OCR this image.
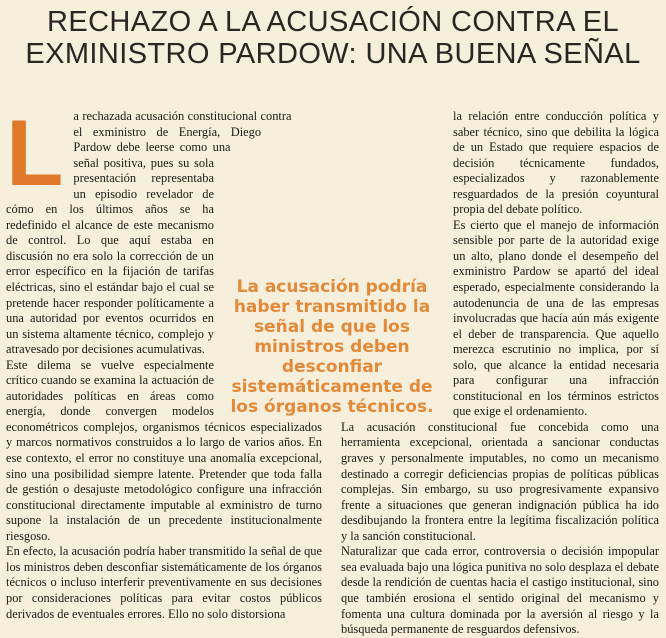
RECHAZO A LA ACUSACIÓN CONTRA EL EXMINISTRO PARDOW: UNA BUENA SEÑAL
L a rechazada acusación constitucional contra el exministro de Energía, Diego Pardow debe leerse como una señal positiva, pues su sola presentación representaba un episodio revelador de cómo en los últimos años se ha redefinido el alcance de este mecanismo de control. Lo que aquí estaba en discusión no era solo la corrección de un error específico en la fijación de tarifas eléctricas, sino el estándar bajo el cual se pretende hacer responder políticamente a una autoridad por eventos ocurridos en un sistema altamente técnico, complejo y atravesado por decisiones acumulativas.

Este dilema se vuelve especialmente crítico cuando se examina la actuación de autoridades políticas en áreas como energía, donde convergen modelos econométricos complejos, organismos técnicos especializados y marcos normativos construidos a lo largo de varios años. En ese contexto, el error no constituye una anomalía excepcional, sino una posibilidad siempre latente. Pretender que toda falla de gestión o desajuste metodológico configure una infracción constitucional directamente imputable al exministro de turno supone la instalación de un precedente institucionalmente riesgoso.

En efecto, la acusación podría haber transmitido la señal de que los ministros deben desconfiar sistemáticamente de los órganos técnicos o incluso interferir preventivamente en sus decisiones por consideraciones políticas para evitar costos públicos derivados de eventuales errores. Ello no solo distorsiona

la relación entre conducción política y saber técnico, sino que debilita la lógica de un Estado que requiere espacios de decisión técnicamente fundados, especializados y razonablemente resguardados de la presión coyuntural propia del debate político.

Es cierto que el manejo de información sensible por parte de la autoridad exige un alto, plano donde el desempeño del exministro Pardow se apartó del ideal esperado, especialmente considerando la autodenuncia de una de las empresas involucradas que hacía aún más exigente el deber de transparencia. Que aquello merezca escrutinio no implica, por sí solo, que alcance la entidad necesaria para configurar una infracción constitucional en los términos estrictos que exige el ordenamiento.

La acusación constitucional fue concebida como una herramienta excepcional, orientada a sancionar conductas graves y personalmente imputables, no como un mecanismo destinado a corregir deficiencias propias de políticas públicas complejas. Sin embargo, su uso progresivamente expansivo frente a situaciones que generan indignación pública ha ido desdibujando la frontera entre la legítima fiscalización política y la sanción constitucional.

Naturalizar que cada error, controversia o decisión impopular sea evaluada bajo una lógica punitiva no solo desplaza el debate desde la rendición de cuentas hacia el castigo institucional, sino que también erosiona el sentido original del mecanismo y fomenta una cultura dominada por la aversión al riesgo y la búsqueda permanente de resguardos defensivos.

La acusación podría haber transmitido la señal de que los ministros deben desconfiar sistemáticamente de los órganos técnicos.
